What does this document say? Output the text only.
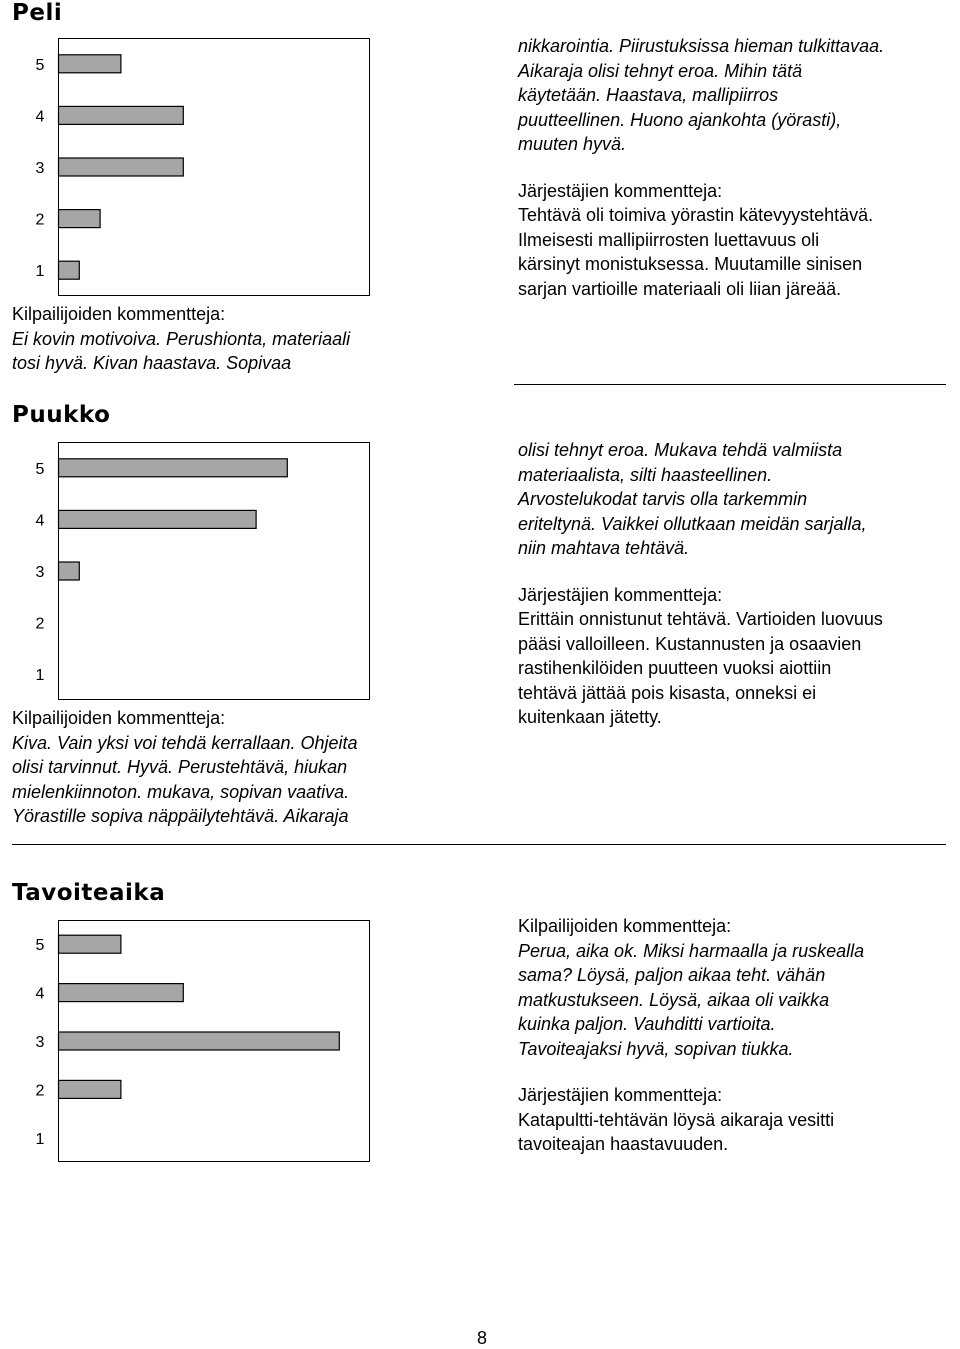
Peli
5
4
3
2
1
Kilpailijoiden kommentteja:
Ei kovin motivoiva. Perushionta, materiaali
tosi hyvä. Kivan haastava. Sopivaa
nikkarointia. Piirustuksissa hieman tulkittavaa.
Aikaraja olisi tehnyt eroa. Mihin tätä
käytetään. Haastava, mallipiirros
puutteellinen. Huono ajankohta (yörasti),
muuten hyvä.
Järjestäjien kommentteja:
Tehtävä oli toimiva yörastin kätevyystehtävä.
Ilmeisesti mallipiirrosten luettavuus oli
kärsinyt monistuksessa. Muutamille sinisen
sarjan vartioille materiaali oli liian järeää.
Puukko
5
4
3
2
1
Kilpailijoiden kommentteja:
Kiva. Vain yksi voi tehdä kerrallaan. Ohjeita
olisi tarvinnut. Hyvä. Perustehtävä, hiukan
mielenkiinnoton. mukava, sopivan vaativa.
Yörastille sopiva näppäilytehtävä. Aikaraja
olisi tehnyt eroa. Mukava tehdä valmiista
materiaalista, silti haasteellinen.
Arvostelukodat tarvis olla tarkemmin
eriteltynä. Vaikkei ollutkaan meidän sarjalla,
niin mahtava tehtävä.
Järjestäjien kommentteja:
Erittäin onnistunut tehtävä. Vartioiden luovuus
pääsi valloilleen. Kustannusten ja osaavien
rastihenkilöiden puutteen vuoksi aiottiin
tehtävä jättää pois kisasta, onneksi ei
kuitenkaan jätetty.
Tavoiteaika
5
4
3
2
1
Kilpailijoiden kommentteja:
Perua, aika ok. Miksi harmaalla ja ruskealla
sama? Löysä, paljon aikaa teht. vähän
matkustukseen. Löysä, aikaa oli vaikka
kuinka paljon. Vauhditti vartioita.
Tavoiteajaksi hyvä, sopivan tiukka.
Järjestäjien kommentteja:
Katapultti-tehtävän löysä aikaraja vesitti
tavoiteajan haastavuuden.
8
